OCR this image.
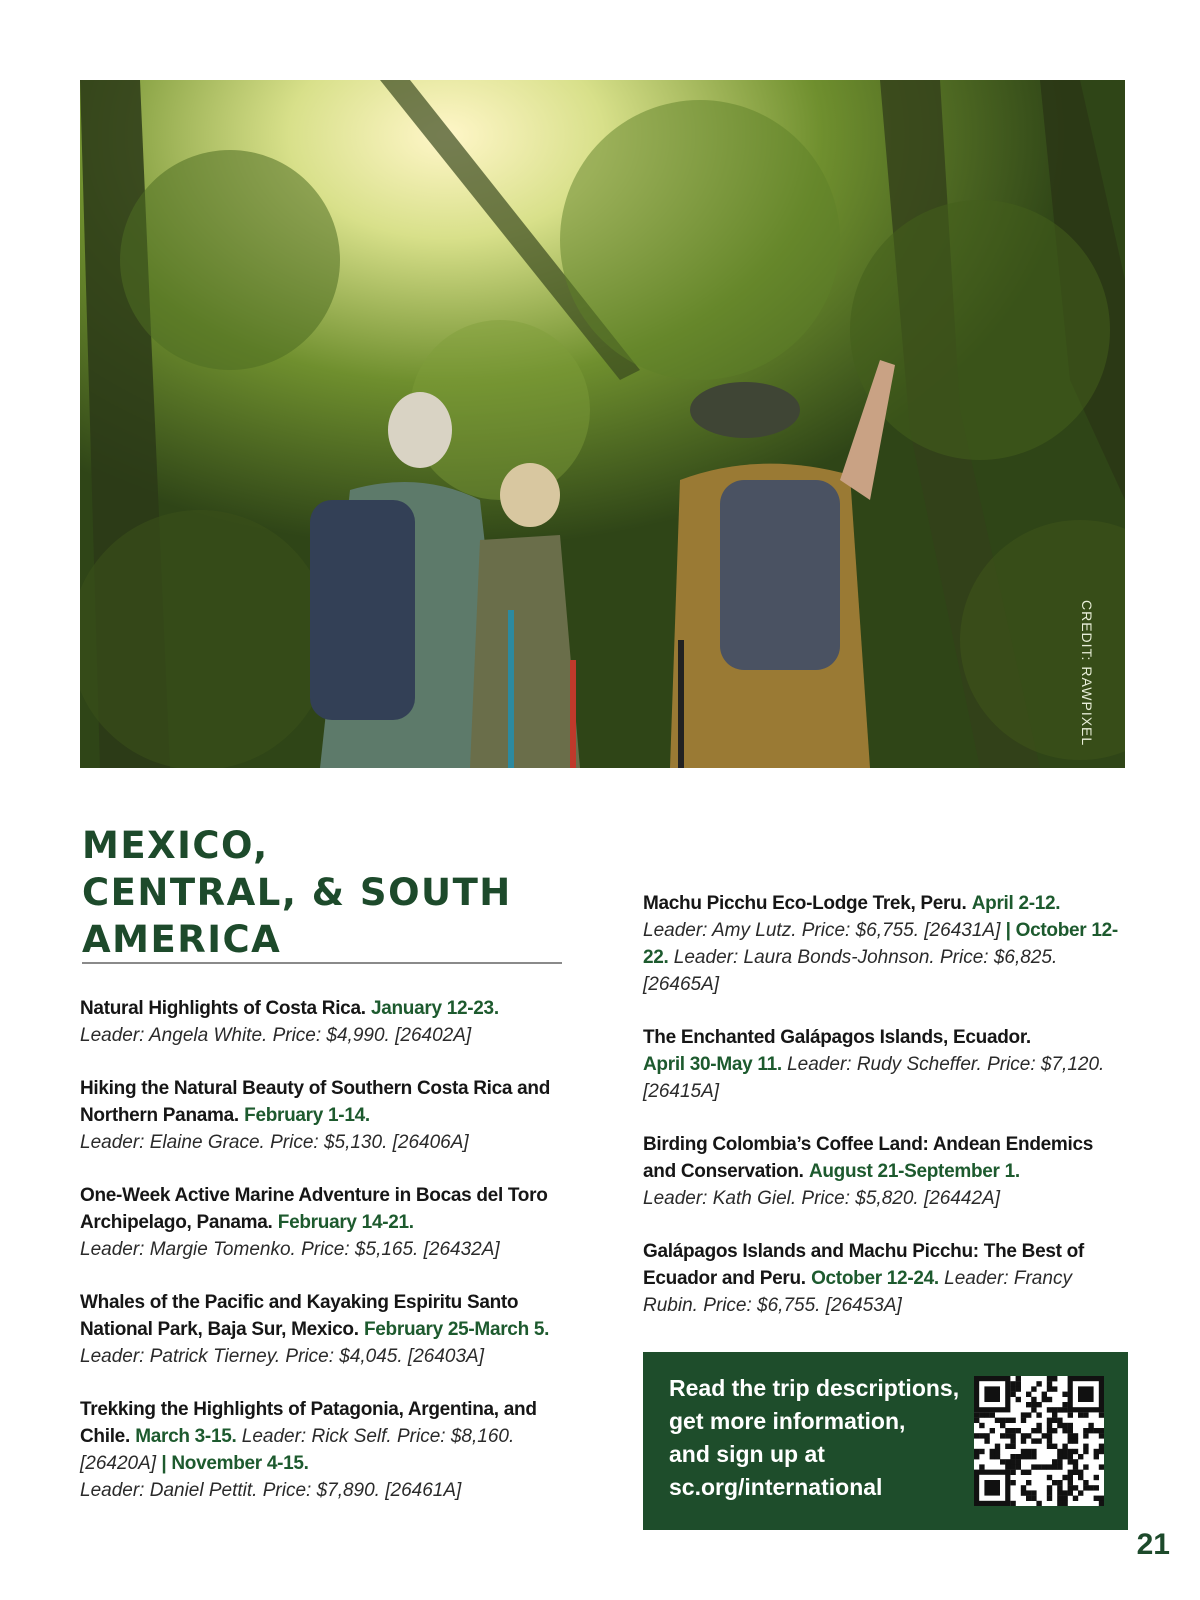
CREDIT: RAWPIXEL
MEXICO,
CENTRAL, & SOUTH
AMERICA

Natural Highlights of Costa Rica. January 12-23.
Leader: Angela White. Price: $4,990. [26402A]

Hiking the Natural Beauty of Southern Costa Rica and Northern Panama. February 1-14.
Leader: Elaine Grace. Price: $5,130. [26406A]

One-Week Active Marine Adventure in Bocas del Toro Archipelago, Panama. February 14-21.
Leader: Margie Tomenko. Price: $5,165. [26432A]

Whales of the Pacific and Kayaking Espiritu Santo National Park, Baja Sur, Mexico. February 25-March 5.
Leader: Patrick Tierney. Price: $4,045. [26403A]

Trekking the Highlights of Patagonia, Argentina, and Chile. March 3-15. Leader: Rick Self. Price: $8,160. [26420A] | November 4-15.
Leader: Daniel Pettit. Price: $7,890. [26461A]

Machu Picchu Eco-Lodge Trek, Peru. April 2-12. Leader: Amy Lutz. Price: $6,755. [26431A] | October 12-22. Leader: Laura Bonds-Johnson. Price: $6,825. [26465A]

The Enchanted Galápagos Islands, Ecuador.
April 30-May 11. Leader: Rudy Scheffer. Price: $7,120. [26415A]

Birding Colombia’s Coffee Land: Andean Endemics and Conservation. August 21-September 1.
Leader: Kath Giel. Price: $5,820. [26442A]

Galápagos Islands and Machu Picchu: The Best of Ecuador and Peru. October 12-24. Leader: Francy Rubin. Price: $6,755. [26453A]

Read the trip descriptions,
get more information,
and sign up at
sc.org/international
21
